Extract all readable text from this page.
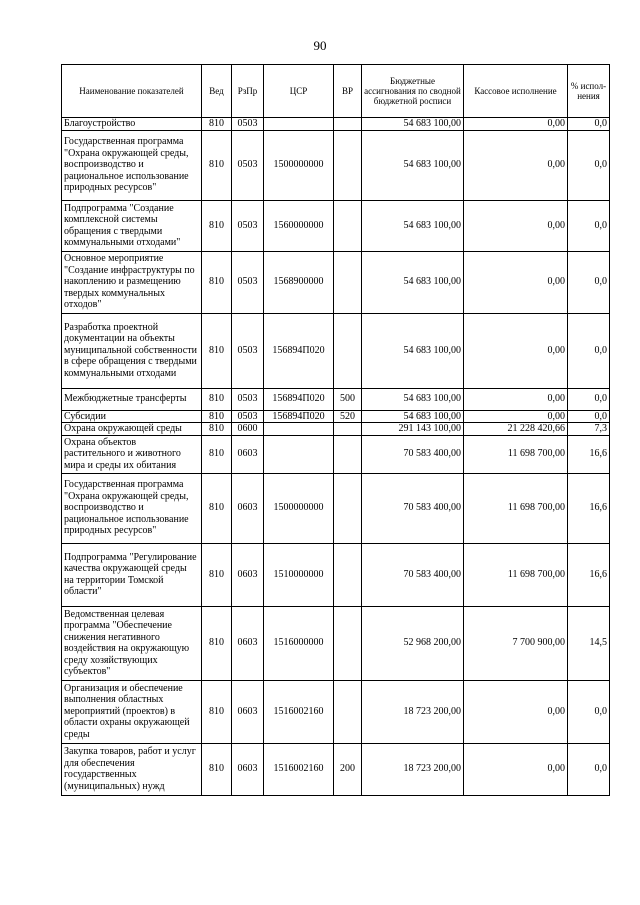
90
Наименование показателей	Вед	РзПр	ЦСР	ВР	Бюджетные ассигнования по сводной бюджетной росписи	Кассовое исполнение	% испол-нения
Благоустройство	810	0503			54 683 100,00	0,00	0,0
Государственная программа "Охрана окружающей среды, воспроизводство и рациональное использование природных ресурсов"	810	0503	1500000000		54 683 100,00	0,00	0,0
Подпрограмма "Создание комплексной системы обращения с твердыми коммунальными отходами"	810	0503	1560000000		54 683 100,00	0,00	0,0
Основное мероприятие "Создание инфраструктуры по накоплению и размещению твердых коммунальных отходов"	810	0503	1568900000		54 683 100,00	0,00	0,0
Разработка проектной документации на объекты муниципальной собственности в сфере обращения с твердыми коммунальными отходами	810	0503	156894П020		54 683 100,00	0,00	0,0
Межбюджетные трансферты	810	0503	156894П020	500	54 683 100,00	0,00	0,0
Субсидии	810	0503	156894П020	520	54 683 100,00	0,00	0,0
Охрана окружающей среды	810	0600			291 143 100,00	21 228 420,66	7,3
Охрана объектов растительного и животного мира и среды их обитания	810	0603			70 583 400,00	11 698 700,00	16,6
Государственная программа "Охрана окружающей среды, воспроизводство и рациональное использование природных ресурсов"	810	0603	1500000000		70 583 400,00	11 698 700,00	16,6
Подпрограмма "Регулирование качества окружающей среды на территории Томской области"	810	0603	1510000000		70 583 400,00	11 698 700,00	16,6
Ведомственная целевая программа "Обеспечение снижения негативного воздействия на окружающую среду хозяйствующих субъектов"	810	0603	1516000000		52 968 200,00	7 700 900,00	14,5
Организация и обеспечение выполнения областных мероприятий (проектов) в области охраны окружающей среды	810	0603	1516002160		18 723 200,00	0,00	0,0
Закупка товаров, работ и услуг для обеспечения государственных (муниципальных) нужд	810	0603	1516002160	200	18 723 200,00	0,00	0,0
